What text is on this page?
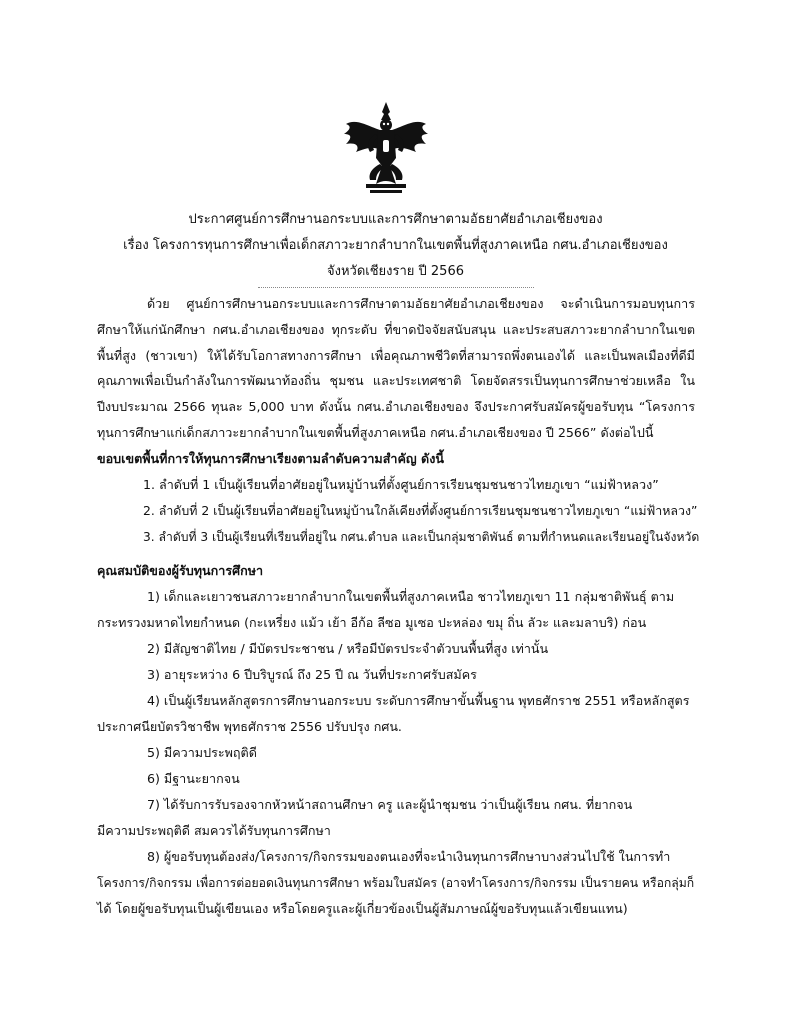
ประกาศศูนย์การศึกษานอกระบบและการศึกษาตามอัธยาศัยอำเภอเชียงของ
เรื่อง โครงการทุนการศึกษาเพื่อเด็กสภาวะยากลำบากในเขตพื้นที่สูงภาคเหนือ กศน.อำเภอเชียงของ
จังหวัดเชียงราย ปี 2566
ด้วย ศูนย์การศึกษานอกระบบและการศึกษาตามอัธยาศัยอำเภอเชียงของ จะดำเนินการมอบทุนการศึกษาให้แก่นักศึกษา กศน.อำเภอเชียงของ ทุกระดับ ที่ขาดปัจจัยสนับสนุน และประสบสภาวะยากลำบากในเขตพื้นที่สูง (ชาวเขา) ให้ได้รับโอกาสทางการศึกษา เพื่อคุณภาพชีวิตที่สามารถพึ่งตนเองได้ และเป็นพลเมืองที่ดีมีคุณภาพเพื่อเป็นกำลังในการพัฒนาท้องถิ่น ชุมชน และประเทศชาติ โดยจัดสรรเป็นทุนการศึกษาช่วยเหลือ ในปีงบประมาณ 2566 ทุนละ 5,000 บาท ดังนั้น กศน.อำเภอเชียงของ จึงประกาศรับสมัครผู้ขอรับทุน “โครงการทุนการศึกษาแก่เด็กสภาวะยากลำบากในเขตพื้นที่สูงภาคเหนือ กศน.อำเภอเชียงของ ปี 2566” ดังต่อไปนี้
ขอบเขตพื้นที่การให้ทุนการศึกษาเรียงตามลำดับความสำคัญ ดังนี้
1. ลำดับที่ 1 เป็นผู้เรียนที่อาศัยอยู่ในหมู่บ้านที่ตั้งศูนย์การเรียนชุมชนชาวไทยภูเขา “แม่ฟ้าหลวง”
2. ลำดับที่ 2 เป็นผู้เรียนที่อาศัยอยู่ในหมู่บ้านใกล้เคียงที่ตั้งศูนย์การเรียนชุมชนชาวไทยภูเขา “แม่ฟ้าหลวง”
3. ลำดับที่ 3 เป็นผู้เรียนที่เรียนที่อยู่ใน กศน.ตำบล และเป็นกลุ่มชาติพันธ์ ตามที่กำหนดและเรียนอยู่ในจังหวัด
คุณสมบัติของผู้รับทุนการศึกษา
1) เด็กและเยาวชนสภาวะยากลำบากในเขตพื้นที่สูงภาคเหนือ ชาวไทยภูเขา 11 กลุ่มชาติพันธุ์ ตาม
กระทรวงมหาดไทยกำหนด (กะเหรี่ยง แม้ว เย้า อีก้อ ลีซอ มูเซอ ปะหล่อง ขมุ ถิ่น ลัวะ และมลาบริ) ก่อน
2) มีสัญชาติไทย / มีบัตรประชาชน / หรือมีบัตรประจำตัวบนพื้นที่สูง เท่านั้น
3) อายุระหว่าง 6 ปีบริบูรณ์ ถึง 25 ปี ณ วันที่ประกาศรับสมัคร
4) เป็นผู้เรียนหลักสูตรการศึกษานอกระบบ ระดับการศึกษาขั้นพื้นฐาน พุทธศักราช 2551 หรือหลักสูตร
ประกาศนียบัตรวิชาชีพ พุทธศักราช 2556 ปรับปรุง กศน.
5) มีความประพฤติดี
6) มีฐานะยากจน
7) ได้รับการรับรองจากหัวหน้าสถานศึกษา ครู และผู้นำชุมชน ว่าเป็นผู้เรียน กศน. ที่ยากจน
มีความประพฤติดี สมควรได้รับทุนการศึกษา
8) ผู้ขอรับทุนต้องส่ง/โครงการ/กิจกรรมของตนเองที่จะนำเงินทุนการศึกษาบางส่วนไปใช้ ในการทำ
โครงการ/กิจกรรม เพื่อการต่อยอดเงินทุนการศึกษา พร้อมใบสมัคร (อาจทำโครงการ/กิจกรรม เป็นรายคน หรือกลุ่มก็
ได้ โดยผู้ขอรับทุนเป็นผู้เขียนเอง หรือโดยครูและผู้เกี่ยวข้องเป็นผู้สัมภาษณ์ผู้ขอรับทุนแล้วเขียนแทน)
